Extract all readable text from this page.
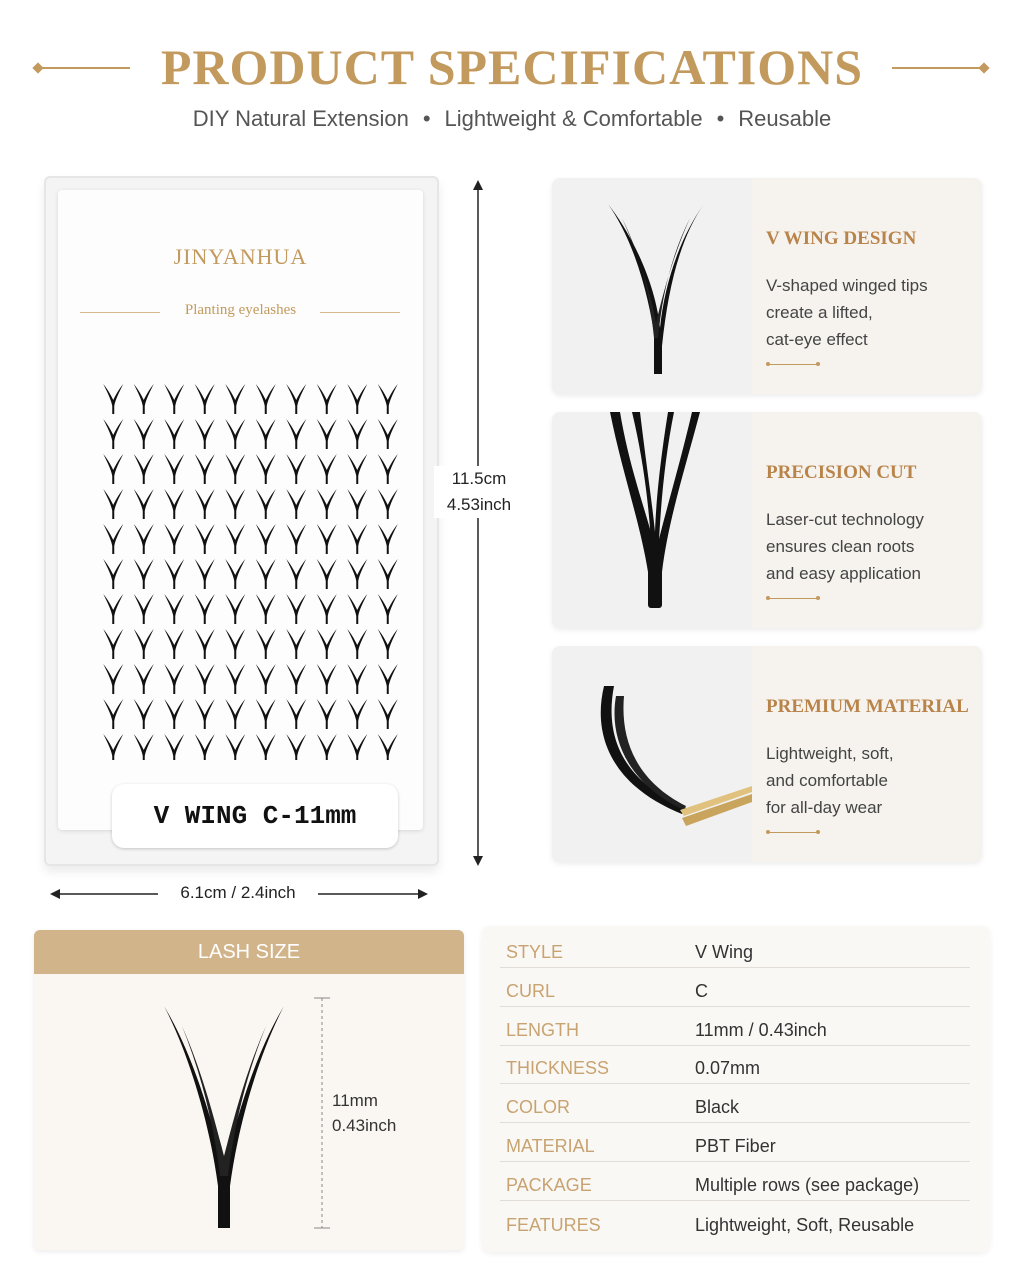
PRODUCT SPECIFICATIONS
DIY Natural Extension • Lightweight & Comfortable • Reusable
JINYANHUA
Planting eyelashes
V WING C-11mm
11.5cm
4.53inch
6.1cm / 2.4inch
V WING DESIGN

V-shaped winged tips
create a lifted,
cat-eye effect

PRECISION CUT

Laser-cut technology
ensures clean roots
and easy application

PREMIUM MATERIAL

Lightweight, soft,
and comfortable
for all-day wear

LASH SIZE
11mm
0.43inch
STYLE	V Wing
CURL	C
LENGTH	11mm / 0.43inch
THICKNESS	0.07mm
COLOR	Black
MATERIAL	PBT Fiber
PACKAGE	Multiple rows (see package)
FEATURES	Lightweight, Soft, Reusable
